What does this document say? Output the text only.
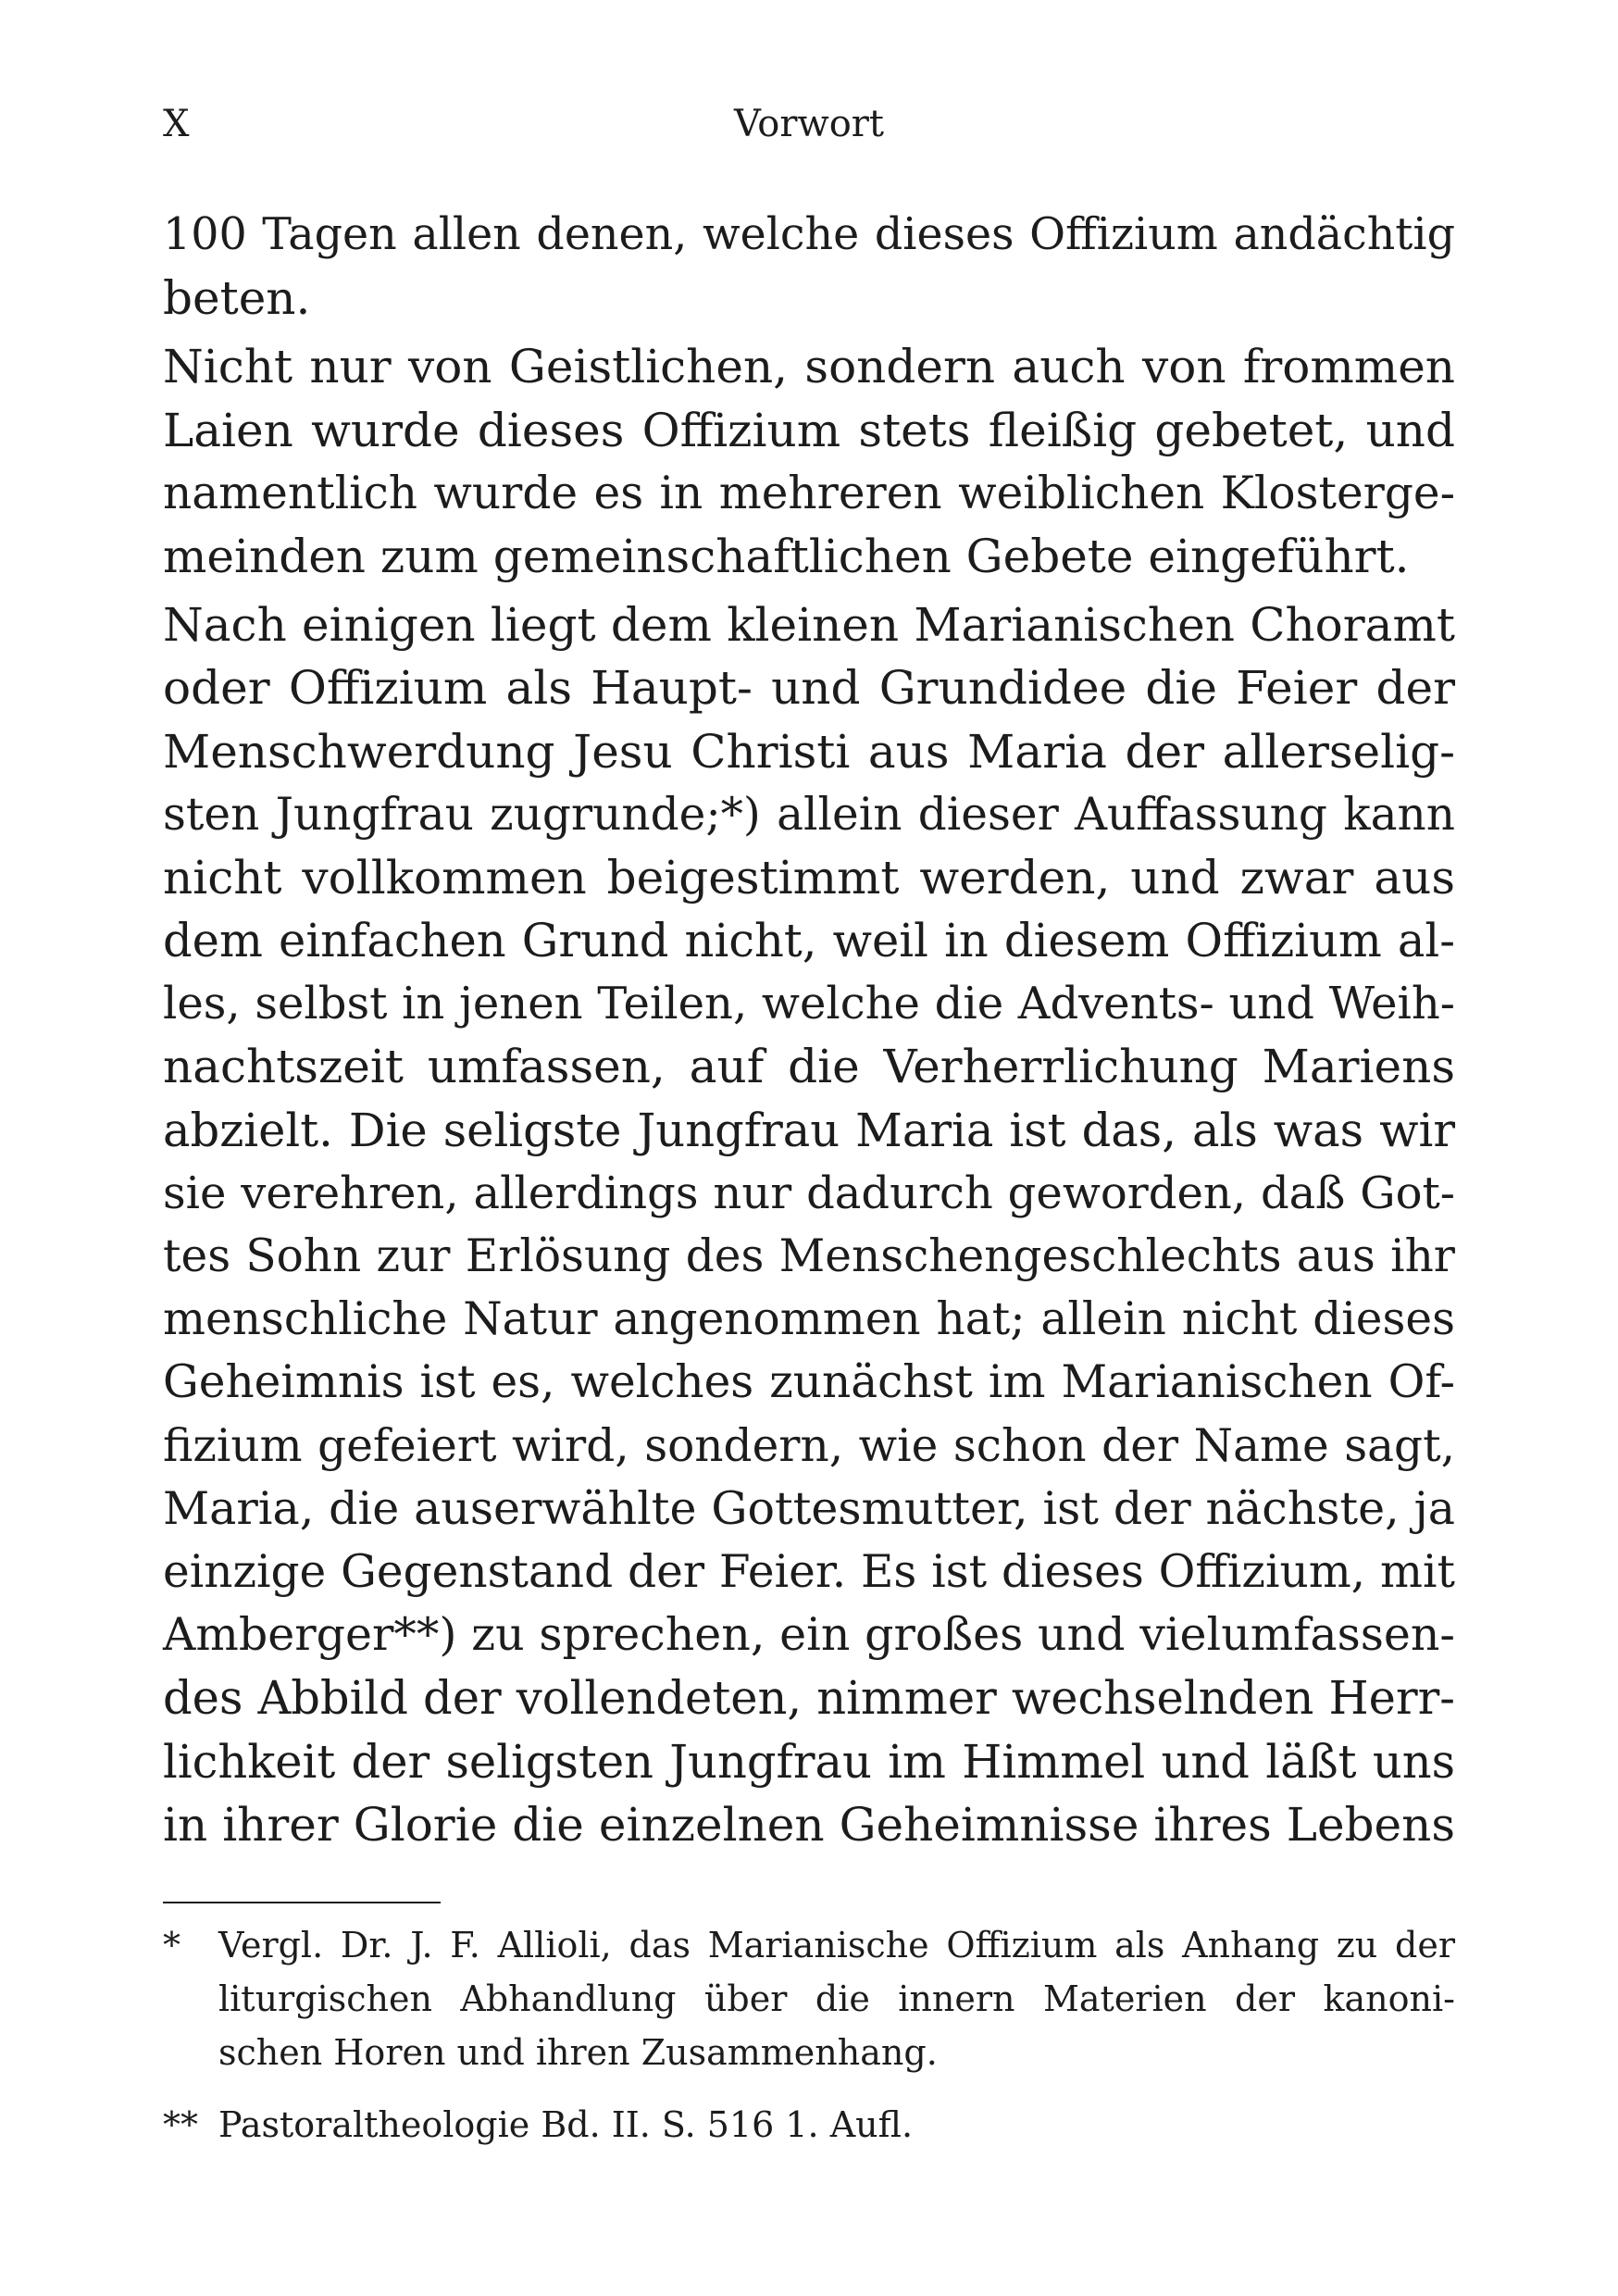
X	Vorwort

100 Tagen allen denen, welche dieses Offizium andächtig
beten.

Nicht nur von Geistlichen, sondern auch von frommen
Laien wurde dieses Offizium stets fleißig gebetet, und
namentlich wurde es in mehreren weiblichen Klosterge-
meinden zum gemeinschaftlichen Gebete eingeführt.

Nach einigen liegt dem kleinen Marianischen Choramt
oder Offizium als Haupt- und Grundidee die Feier der
Menschwerdung Jesu Christi aus Maria der allerselig-
sten Jungfrau zugrunde;*) allein dieser Auffassung kann
nicht vollkommen beigestimmt werden, und zwar aus
dem einfachen Grund nicht, weil in diesem Offizium al-
les, selbst in jenen Teilen, welche die Advents- und Weih-
nachtszeit umfassen, auf die Verherrlichung Mariens
abzielt. Die seligste Jungfrau Maria ist das, als was wir
sie verehren, allerdings nur dadurch geworden, daß Got-
tes Sohn zur Erlösung des Menschengeschlechts aus ihr
menschliche Natur angenommen hat; allein nicht dieses
Geheimnis ist es, welches zunächst im Marianischen Of-
fizium gefeiert wird, sondern, wie schon der Name sagt,
Maria, die auserwählte Gottesmutter, ist der nächste, ja
einzige Gegenstand der Feier. Es ist dieses Offizium, mit
Amberger**) zu sprechen, ein großes und vielumfassen-
des Abbild der vollendeten, nimmer wechselnden Herr-
lichkeit der seligsten Jungfrau im Himmel und läßt uns
in ihrer Glorie die einzelnen Geheimnisse ihres Lebens

* Vergl. Dr. J. F. Allioli, das Marianische Offizium als Anhang zu der
liturgischen Abhandlung über die innern Materien der kanoni-
schen Horen und ihren Zusammenhang.
** Pastoraltheologie Bd. II. S. 516 1. Aufl.
